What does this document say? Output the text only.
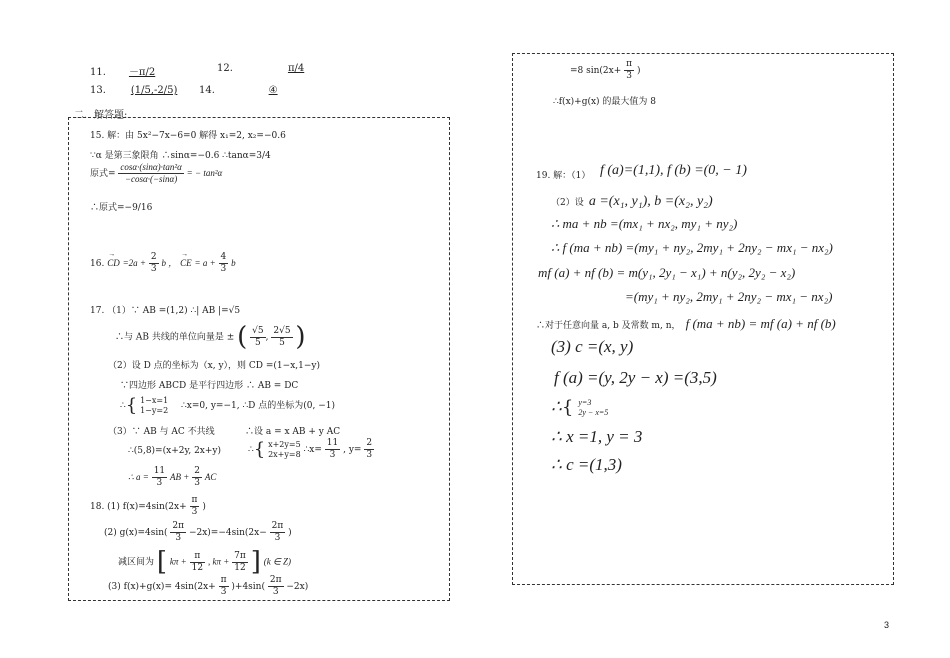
11. －π/2	12.	π/4
13. (1/5,-2/5)	14.	④
二．解答题:
15. 解：由 5x²−7x−6=0 解得 x₁=2, x₂=−0.6
∵α 是第三象限角 ∴sinα=−0.6 ∴tanα=3/4
原式= $\frac{\text{cosα·(sinα)·tan²α}}{-\cos\alpha\cdot(-\sin\alpha)}$ = − tan²α
∴原式=−9/16
16. → CD $=2a + \frac{2}{3}$ b ， → CE = $a + \frac{4}{3}$ b
17. （1）∵ AB =(1,2) ∴| AB |=√5
∴与 AB 共线的单位向量是 ± ( $\frac{√5}{5}$ , $\frac{2√5}{5}$ )
（2）设 D 点的坐标为（x, y），则 CD =(1−x,1−y)
∵四边形 ABCD 是平行四边形 ∴ AB = DC
∴{ 1−x=1
1−y=2 ∴x=0, y=−1, ∴D 点的坐标为(0, −1)
（3）∵ AB 与 AC 不共线	∴设 a = x AB + y AC
∴(5,8)=(x+2y, 2x+y)	∴{ x+2y=5
2x+y=8 ∴x= $\frac{11}{3}$ , $y= \frac{2}{3}$
∴ $a = \frac{11}{3}$ AB + $\frac{2}{3}$ AC
18. (1) $f(x)=4\sin(2x+ \frac{\pi}{3}$ )
(2) $g(x)=4\sin( \frac{2\pi}{3} -2x)=-4\sin(2x- \frac{2\pi}{3}$ )
减区间为 [ $k\pi + \frac{\pi}{12}$ , $k\pi + \frac{7\pi}{12}$ ] (k ∈ Z)
(3) $f(x)+g(x)= 4\sin(2x+ \frac{\pi}{3} )+4\sin( \frac{2\pi}{3} -2x)$
=8 $\sin(2x+ \frac{\pi}{3}$ )
∴f(x)+g(x) 的最大值为 8
19. 解：（1） f (a)=(1,1), f (b) =(0, − 1)
（2）设 a =(x₁, y₁), b =(x₂, y₂)
∴ ma + nb =(mx₁ + nx₂, my₁ + ny₂)
∴ f (ma + nb) =(my₁ + ny₂, 2my₁ + 2ny₂ − mx₁ − nx₂)
mf (a) + nf (b) = m(y₁, 2y₁ − x₁) + n(y₂, 2y₂ − x₂)
=(my₁ + ny₂, 2my₁ + 2ny₂ − mx₁ − nx₂)
∴对于任意向量 a, b 及常数 m, n， f (ma + nb) = mf (a) + nf (b)
(3) c =(x, y)
f (a) =(y, 2y − x) =(3,5)
∴{ y=3
2y − x=5
∴ x =1, y = 3
∴ c =(1,3)
3
